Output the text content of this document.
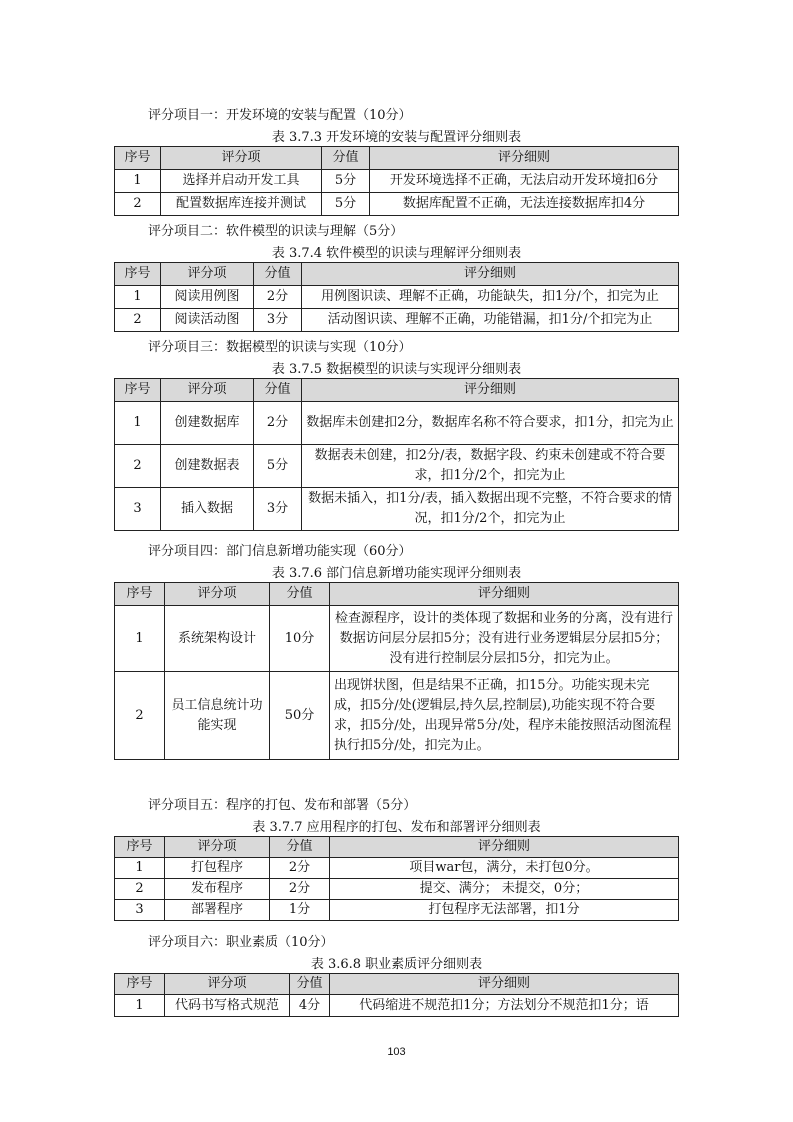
评分项目一：开发环境的安装与配置（10分）
表 3.7.3 开发环境的安装与配置评分细则表
序号	评分项	分值	评分细则
1	选择并启动开发工具	5分	开发环境选择不正确，无法启动开发环境扣6分
2	配置数据库连接并测试	5分	数据库配置不正确，无法连接数据库扣4分
评分项目二：软件模型的识读与理解（5分）
表 3.7.4 软件模型的识读与理解评分细则表
序号	评分项	分值	评分细则
1	阅读用例图	2分	用例图识读、理解不正确，功能缺失，扣1分/个，扣完为止
2	阅读活动图	3分	活动图识读、理解不正确，功能错漏，扣1分/个扣完为止
评分项目三：数据模型的识读与实现（10分）
表 3.7.5 数据模型的识读与实现评分细则表
序号	评分项	分值	评分细则
1	创建数据库	2分	数据库未创建扣2分，数据库名称不符合要求，扣1分，扣完为止
2	创建数据表	5分	数据表未创建，扣2分/表，数据字段、约束未创建或不符合要求，扣1分/2个，扣完为止
3	插入数据	3分	数据未插入，扣1分/表，插入数据出现不完整，不符合要求的情况，扣1分/2个，扣完为止
评分项目四：部门信息新增功能实现（60分）
表 3.7.6 部门信息新增功能实现评分细则表
序号	评分项	分值	评分细则
1	系统架构设计	10分	检查源程序，设计的类体现了数据和业务的分离，没有进行数据访问层分层扣5分；没有进行业务逻辑层分层扣5分；没有进行控制层分层扣5分，扣完为止。
2	员工信息统计功能实现	50分	出现饼状图，但是结果不正确，扣15分。功能实现未完成，扣5分/处(逻辑层,持久层,控制层),功能实现不符合要求，扣5分/处，出现异常5分/处，程序未能按照活动图流程执行扣5分/处，扣完为止。
评分项目五：程序的打包、发布和部署（5分）
表 3.7.7 应用程序的打包、发布和部署评分细则表
序号	评分项	分值	评分细则
1	打包程序	2分	项目war包，满分，未打包0分。
2	发布程序	2分	提交、满分； 未提交，0分；
3	部署程序	1分	打包程序无法部署，扣1分
评分项目六：职业素质（10分）
表 3.6.8 职业素质评分细则表
序号	评分项	分值	评分细则
1	代码书写格式规范	4分	代码缩进不规范扣1分；方法划分不规范扣1分；语
103
